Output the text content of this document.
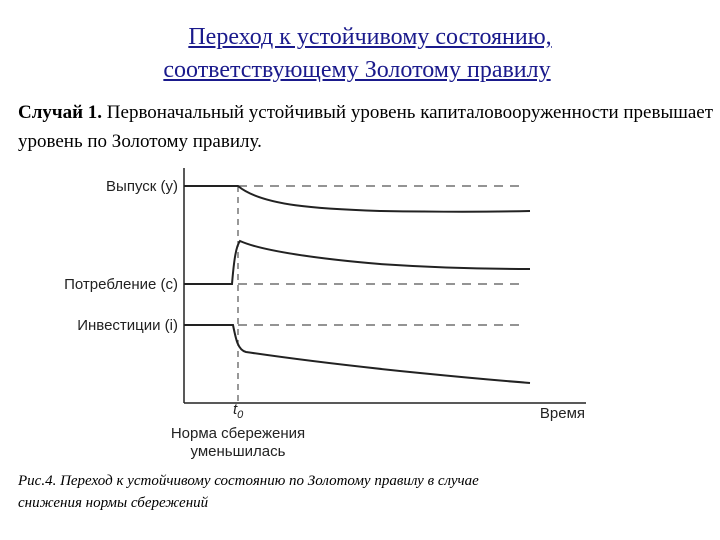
Переход к устойчивому состоянию,
соответствующему Золотому правилу
Случай 1. Первоначальный устойчивый уровень капиталовооруженности превышает уровень по Золотому правилу.
Выпуск (y)
Потребление (c)
Инвестиции (i)
Время
$t_0$
Норма сбережения
уменьшилась
Рис.4. Переход к устойчивому состоянию по Золотому правилу в случае
снижения нормы сбережений
